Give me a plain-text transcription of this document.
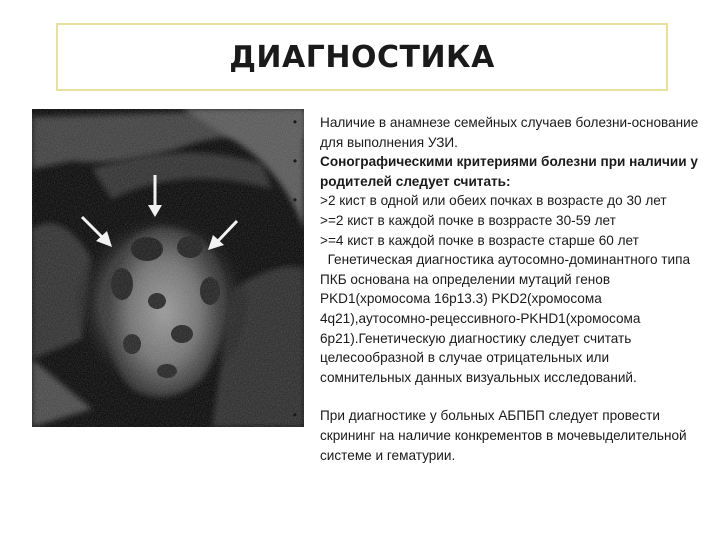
ДИАГНОСТИКА
•	Наличие в анамнезе семейных случаев болезни-основание для выполнения УЗИ.
•	Сонографическими критериями болезни при наличии у родителей следует считать:
•	>2 кист в одной или обеих почках в возрасте до 30 лет
•	>=2 кист в каждой почке в возррасте 30-59 лет
•	>=4 кист в каждой почке в возрасте старше 60 лет
•	Генетическая диагностика аутосомно-доминантного типа ПКБ основана на определении мутаций генов PKD1(хромосома 16p13.3) PKD2(хромосома 4q21),аутосомно-рецессивного-PKHD1(хромосома 6p21).Генетическую диагностику следует считать целесообразной в случае отрицательных или сомнительных данных визуальных исследований.
•	При диагностике у больных АБПБП следует провести скрининг на наличие конкрементов в мочевыделительной системе и гематурии.
